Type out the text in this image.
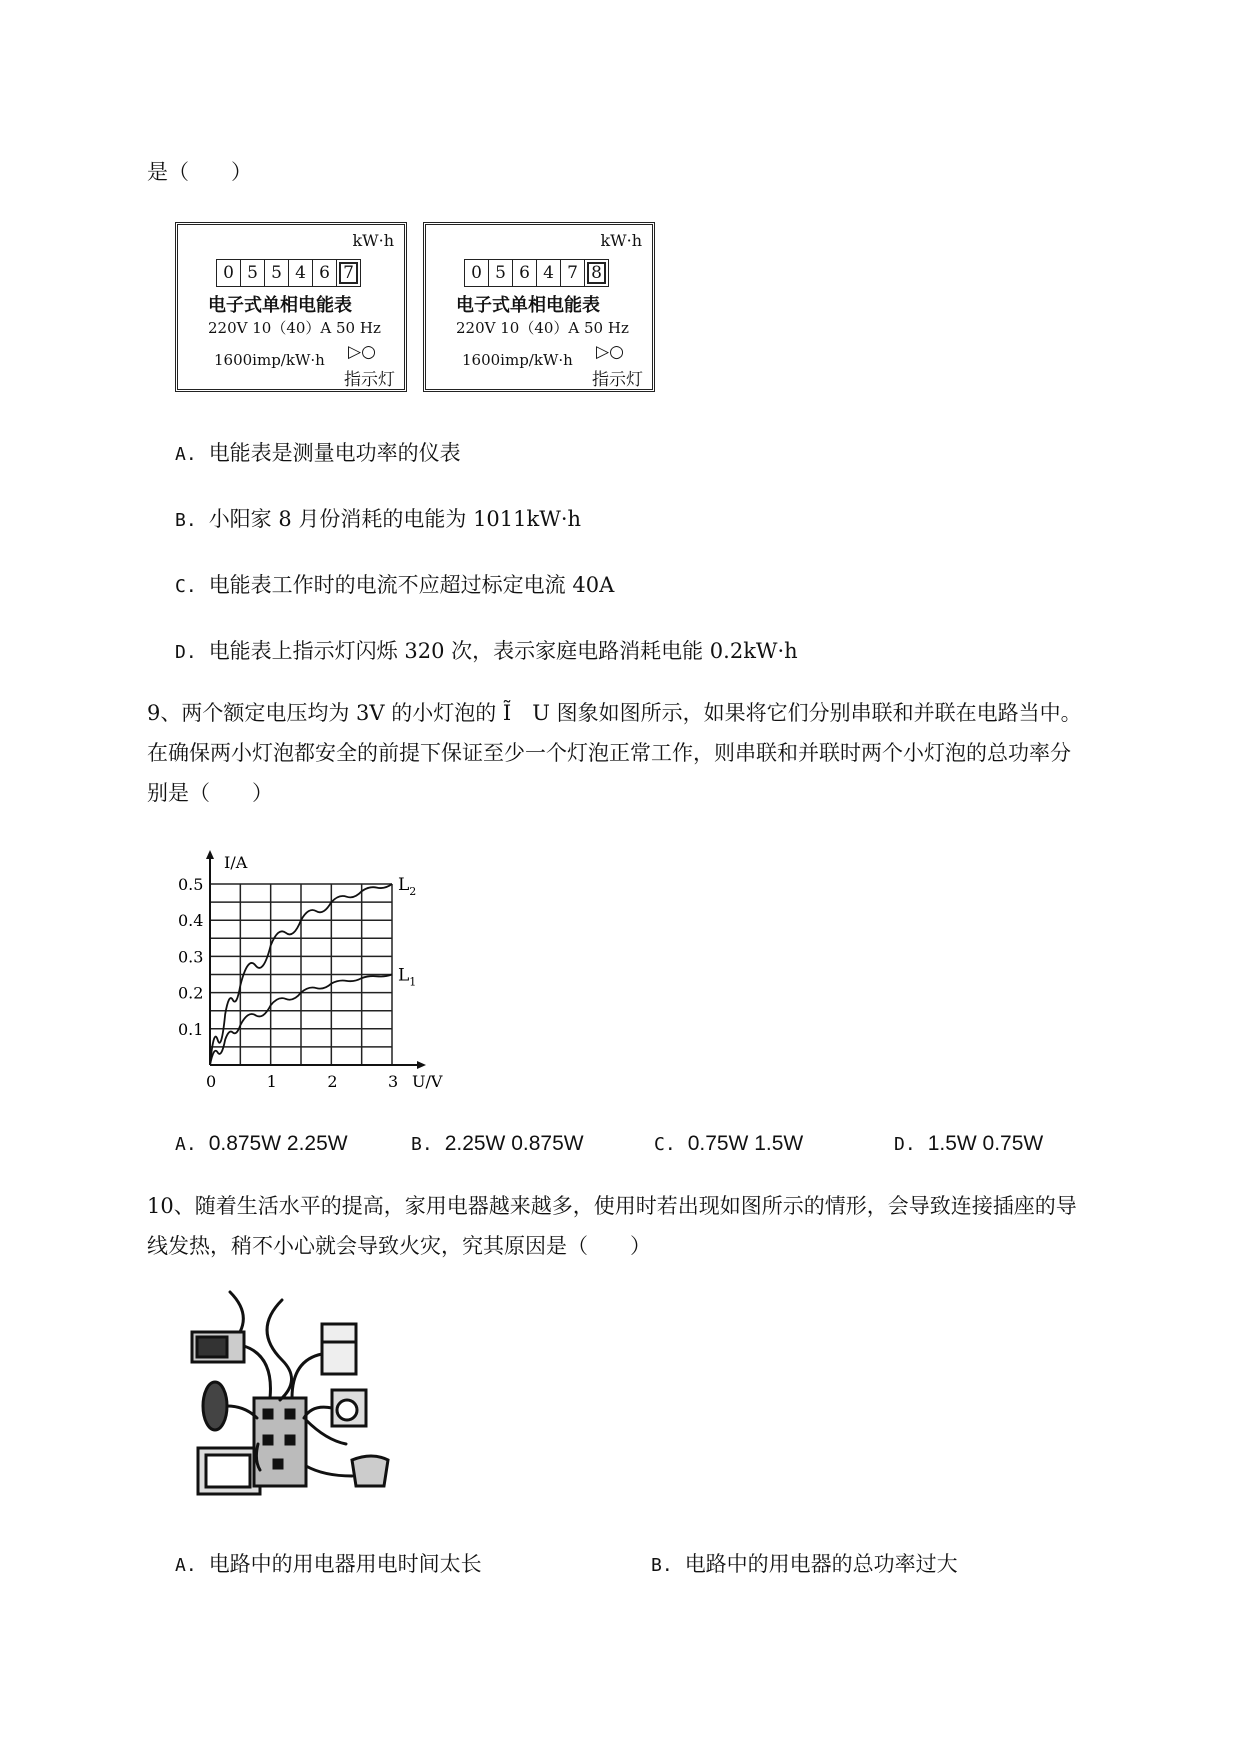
是（　　）
kW·h
0 5 5 4 6 7
电子式单相电能表
220V 10（40）A 50 Hz
1600imp/kW·h ▷○
指示灯
kW·h
0 5 6 4 7 8
电子式单相电能表
220V 10（40）A 50 Hz
1600imp/kW·h ▷○
指示灯
A. 电能表是测量电功率的仪表
B. 小阳家 8 月份消耗的电能为 1011kW·h
C. 电能表工作时的电流不应超过标定电流 40A
D. 电能表上指示灯闪烁 320 次，表示家庭电路消耗电能 0.2kW·h
9、两个额定电压均为 3V 的小灯泡的 Ĩ　U 图象如图所示，如果将它们分别串联和并联在电路当中。
在确保两小灯泡都安全的前提下保证至少一个灯泡正常工作，则串联和并联时两个小灯泡的总功率分
别是（　　）
I/A
U/V
0	1	2	3
0.1
0.2
0.3
0.4
0.5	$L_2$
$L_1$
A. 0.875W 2.25W	B. 2.25W 0.875W	C. 0.75W 1.5W	D. 1.5W 0.75W
10、随着生活水平的提高，家用电器越来越多，使用时若出现如图所示的情形，会导致连接插座的导
线发热，稍不小心就会导致火灾，究其原因是（　　）
A. 电路中的用电器用电时间太长	B. 电路中的用电器的总功率过大
